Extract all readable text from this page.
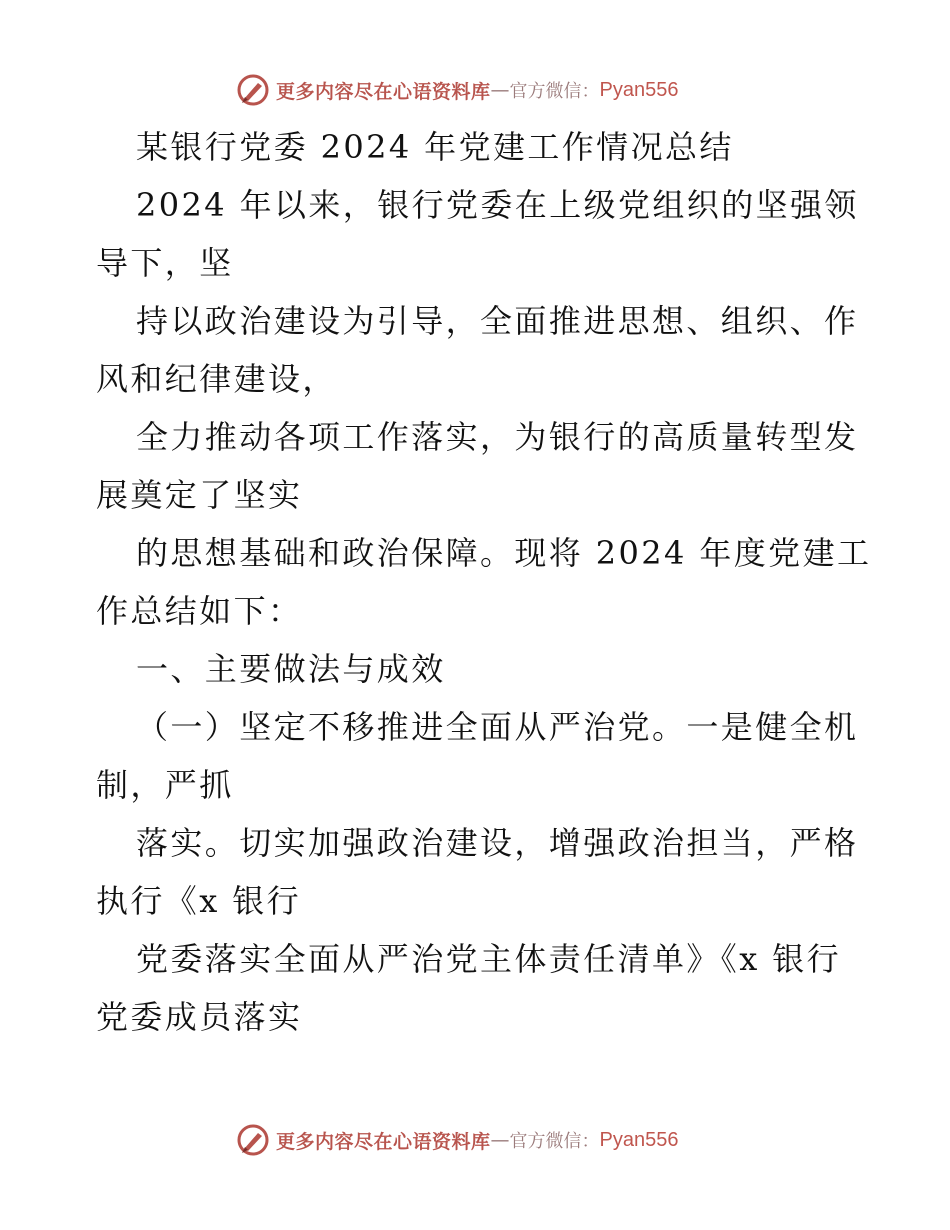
更多内容尽在心语资料库 — 官方微信： Pyan556
某银行党委 2024 年党建工作情况总结
2024 年以来，银行党委在上级党组织的坚强领
导下，坚
持以政治建设为引导，全面推进思想、组织、作
风和纪律建设，
全力推动各项工作落实，为银行的高质量转型发
展奠定了坚实
的思想基础和政治保障。现将 2024 年度党建工
作总结如下：
一、主要做法与成效
（一）坚定不移推进全面从严治党。一是健全机
制，严抓
落实。切实加强政治建设，增强政治担当，严格
执行《x 银行
党委落实全面从严治党主体责任清单》《x 银行
党委成员落实
更多内容尽在心语资料库 — 官方微信： Pyan556
